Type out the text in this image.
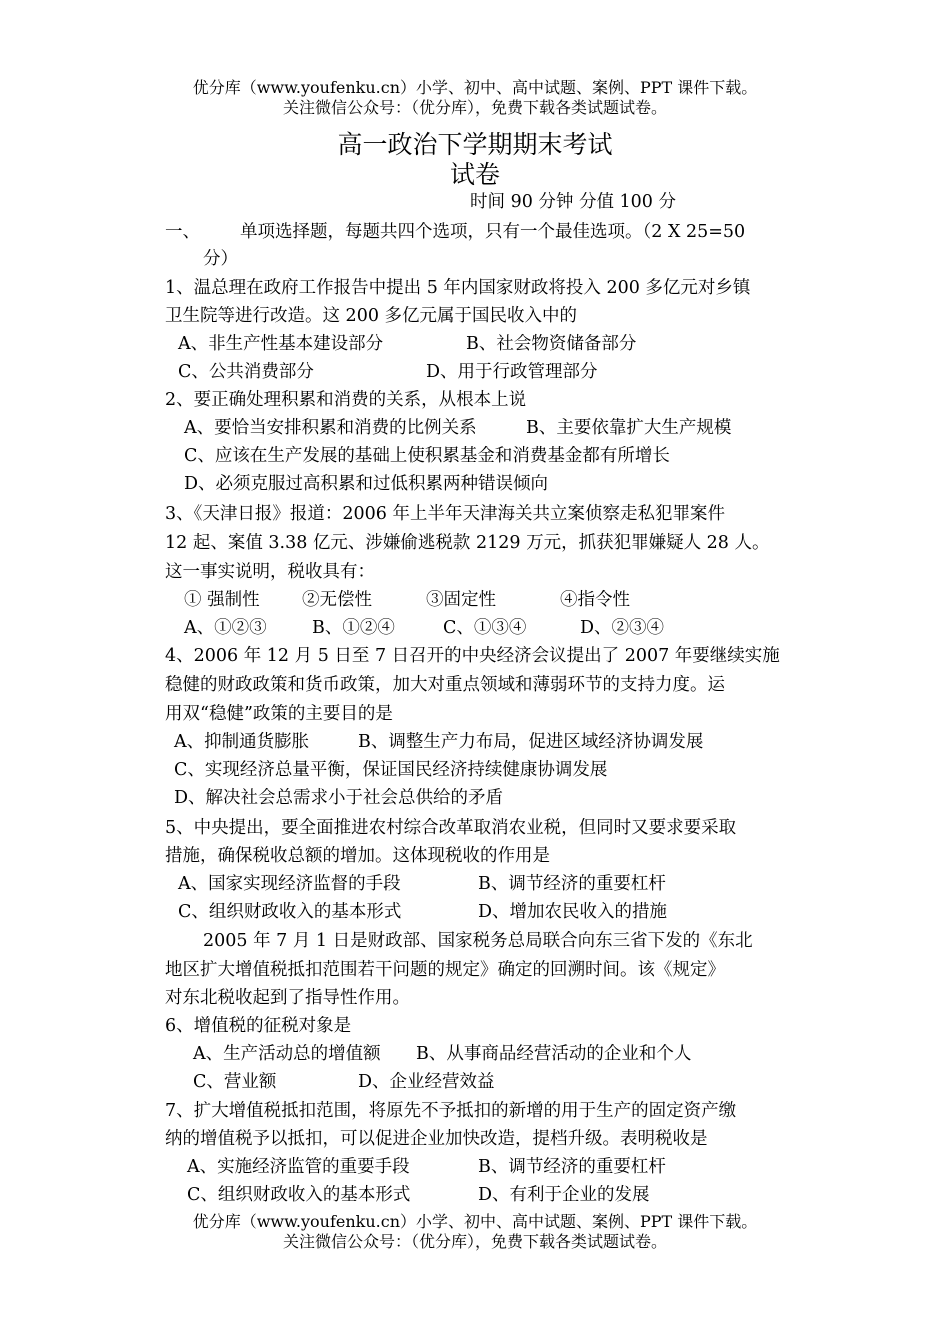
优分库（www.youfenku.cn）小学、初中、高中试题、案例、PPT 课件下载。
关注微信公众号：（优分库），免费下载各类试题试卷。
高一政治下学期期末考试
试卷
时间 90 分钟 分值 100 分
一、 单项选择题，每题共四个选项，只有一个最佳选项。（2 X 25=50
分）
1、温总理在政府工作报告中提出 5 年内国家财政将投入 200 多亿元对乡镇
卫生院等进行改造。这 200 多亿元属于国民收入中的
A、非生产性基本建设部分	B、社会物资储备部分
C、公共消费部分	D、用于行政管理部分
2、要正确处理积累和消费的关系，从根本上说
A、要恰当安排积累和消费的比例关系	B、主要依靠扩大生产规模
C、应该在生产发展的基础上使积累基金和消费基金都有所增长
D、必须克服过高积累和过低积累两种错误倾向
3、《天津日报》报道：2006 年上半年天津海关共立案侦察走私犯罪案件
12 起、案值 3.38 亿元、涉嫌偷逃税款 2129 万元，抓获犯罪嫌疑人 28 人。
这一事实说明，税收具有：
① 强制性 ②无偿性	③固定性	④指令性
A、①②③	B、①②④	C、①③④	D、②③④
4、2006 年 12 月 5 日至 7 日召开的中央经济会议提出了 2007 年要继续实施
稳健的财政政策和货币政策，加大对重点领域和薄弱环节的支持力度。运
用双“稳健”政策的主要目的是
A、抑制通货膨胀	B、调整生产力布局，促进区域经济协调发展
C、实现经济总量平衡，保证国民经济持续健康协调发展
D、解决社会总需求小于社会总供给的矛盾
5、中央提出，要全面推进农村综合改革取消农业税，但同时又要求要采取
措施，确保税收总额的增加。这体现税收的作用是
A、国家实现经济监督的手段	B、调节经济的重要杠杆
C、组织财政收入的基本形式	D、增加农民收入的措施
2005 年 7 月 1 日是财政部、国家税务总局联合向东三省下发的《东北
地区扩大增值税抵扣范围若干问题的规定》确定的回溯时间。该《规定》
对东北税收起到了指导性作用。
6、增值税的征税对象是
A、生产活动总的增值额 B、从事商品经营活动的企业和个人
C、营业额	D、企业经营效益
7、扩大增值税抵扣范围，将原先不予抵扣的新增的用于生产的固定资产缴
纳的增值税予以抵扣，可以促进企业加快改造，提档升级。表明税收是
A、实施经济监管的重要手段	B、调节经济的重要杠杆
C、组织财政收入的基本形式	D、有利于企业的发展
优分库（www.youfenku.cn）小学、初中、高中试题、案例、PPT 课件下载。
关注微信公众号：（优分库），免费下载各类试题试卷。
